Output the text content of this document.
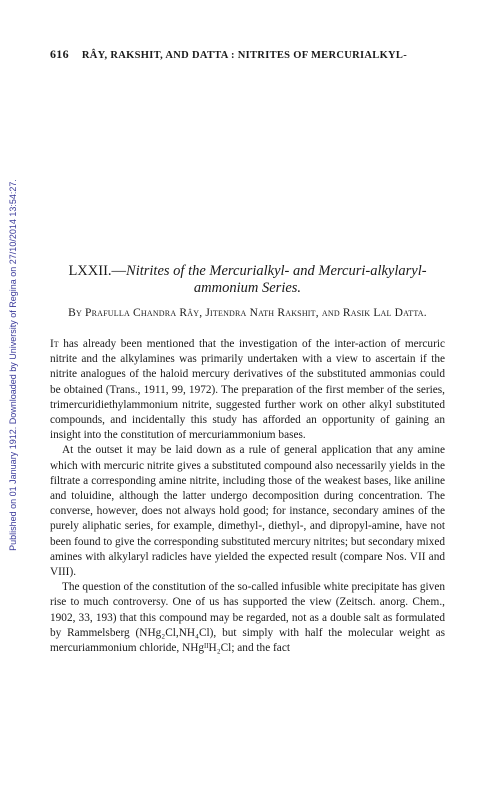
Published on 01 January 1912. Downloaded by University of Regina on 27/10/2014 13:54:27.
616 RÂY, RAKSHIT, AND DATTA : NITRITES OF MERCURIALKYL-
LXXII.—Nitrites of the Mercurialkyl- and Mercuri-alkylaryl-ammonium Series.
By Prafulla Chandra Rây, Jitendra Nath Rakshit, and Rasik Lal Datta.

It has already been mentioned that the investigation of the inter-action of mercuric nitrite and the alkylamines was primarily undertaken with a view to ascertain if the nitrite analogues of the haloid mercury derivatives of the substituted ammonias could be obtained (Trans., 1911, 99, 1972). The preparation of the first member of the series, trimercuridiethylammonium nitrite, suggested further work on other alkyl substituted compounds, and incidentally this study has afforded an opportunity of gaining an insight into the constitution of mercuriammonium bases.

At the outset it may be laid down as a rule of general application that any amine which with mercuric nitrite gives a substituted compound also necessarily yields in the filtrate a corresponding amine nitrite, including those of the weakest bases, like aniline and toluidine, although the latter undergo decomposition during concentration. The converse, however, does not always hold good; for instance, secondary amines of the purely aliphatic series, for example, dimethyl-, diethyl-, and dipropyl-amine, have not been found to give the corresponding substituted mercury nitrites; but secondary mixed amines with alkylaryl radicles have yielded the expected result (compare Nos. VII and VIII).

The question of the constitution of the so-called infusible white precipitate has given rise to much controversy. One of us has supported the view (Zeitsch. anorg. Chem., 1902, 33, 193) that this compound may be regarded, not as a double salt as formulated by Rammelsberg (NHg₂Cl,NH₄Cl), but simply with half the molecular weight as mercuriammonium chloride, NHgᴵᴵH₂Cl; and the fact
